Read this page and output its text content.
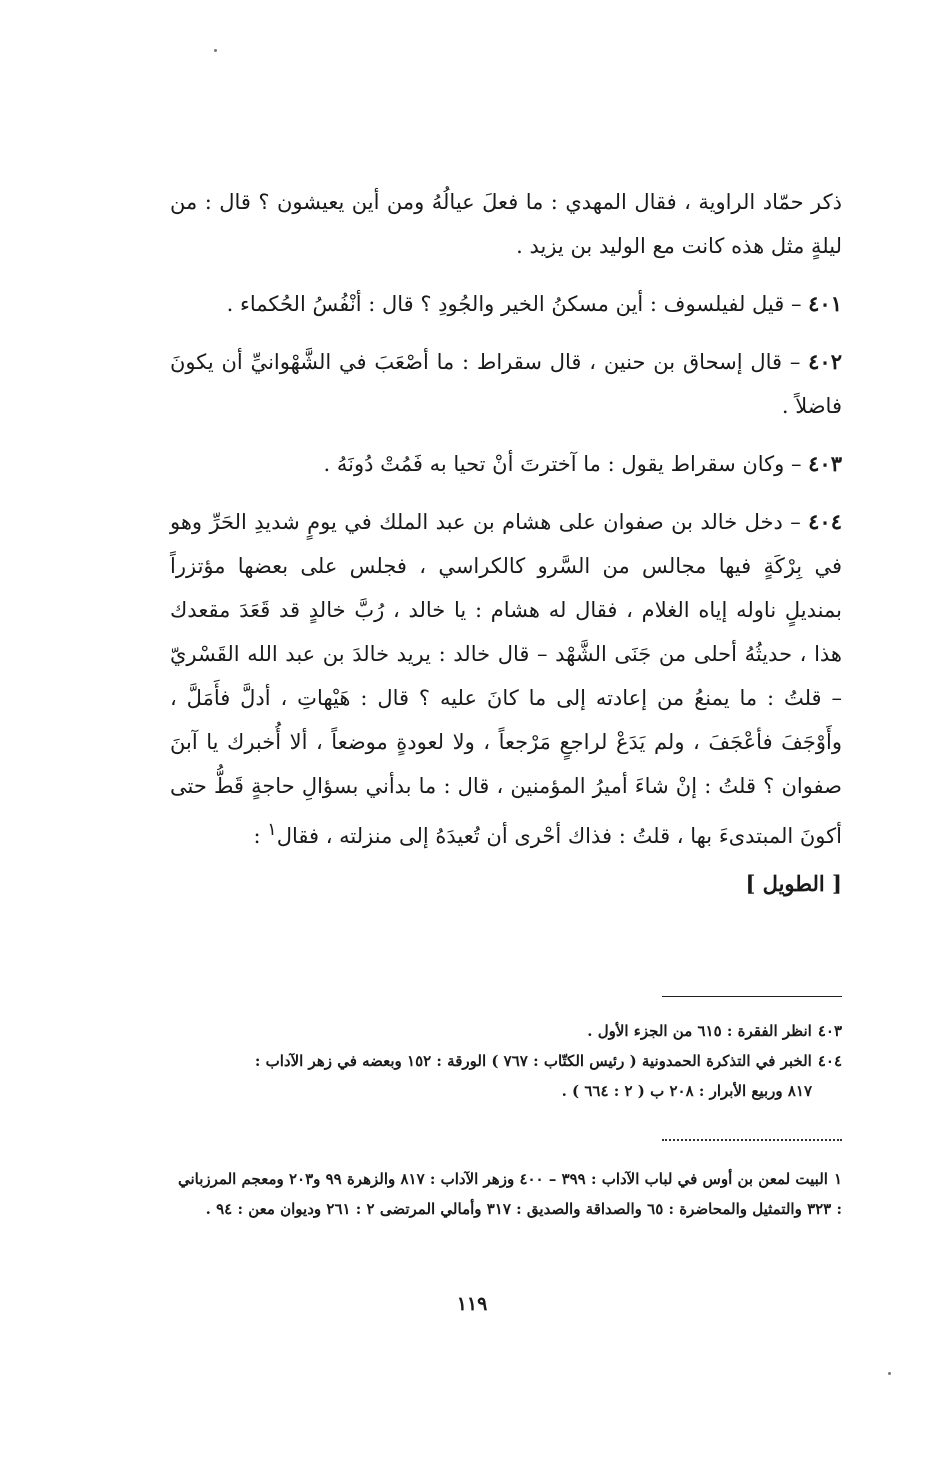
ذكر حمّاد الراوية ، فقال المهدي : ما فعلَ عيالُهُ ومن أين يعيشون ؟ قال : من ليلةٍ مثل هذه كانت مع الوليد بن يزيد .

٤٠١ – قيل لفيلسوف : أين مسكنُ الخير والجُودِ ؟ قال : أنْفُسُ الحُكماء .

٤٠٢ – قال إسحاق بن حنين ، قال سقراط : ما أصْعَبَ في الشَّهْوانيِّ أن يكونَ فاضلاً .

٤٠٣ – وكان سقراط يقول : ما آخترتَ أنْ تحيا به فَمُتْ دُونَهُ .

٤٠٤ – دخل خالد بن صفوان على هشام بن عبد الملك في يومٍ شديدِ الحَرِّ وهو في بِرْكَةٍ فيها مجالس من السَّرو كالكراسي ، فجلس على بعضها مؤتزراً بمنديلٍ ناوله إياه الغلام ، فقال له هشام : يا خالد ، رُبَّ خالدٍ قد قَعَدَ مقعدك هذا ، حديثُهُ أحلى من جَنَى الشَّهْد – قال خالد : يريد خالدَ بن عبد الله القَسْريّ – قلتُ : ما يمنعُ من إعادته إلى ما كانَ عليه ؟ قال : هَيْهاتِ ، أدلَّ فأَمَلَّ ، وأَوْجَفَ فأعْجَفَ ، ولم يَدَعْ لراجعٍ مَرْجعاً ، ولا لعودةٍ موضعاً ، ألا أُخبرك يا آبنَ صفوان ؟ قلتُ : إنْ شاءَ أميرُ المؤمنين ، قال : ما بدأني بسؤالِ حاجةٍ قَطُّ حتى أكونَ المبتدىءَ بها ، قلتُ : فذاك أحْرى أن تُعيدَهُ إلى منزلته ، فقال$^١$ :

[ الطويل ]

٤٠٣انظر الفقرة : ٦١٥ من الجزء الأول .

٤٠٤الخبر في التذكرة الحمدونية ( رئيس الكتّاب : ٧٦٧ ) الورقة : ١٥٢ وبعضه في زهر الآداب :

٨١٧ وربيع الأبرار : ٢٠٨ ب ( ٢ : ٦٦٤ ) .

١البيت لمعن بن أوس في لباب الآداب : ٣٩٩ – ٤٠٠ وزهر الآداب : ٨١٧ والزهرة ٩٩ و٢٠٣ ومعجم المرزباني : ٣٢٣ والتمثيل والمحاضرة : ٦٥ والصداقة والصديق : ٣١٧ وأمالي المرتضى ٢ : ٢٦١ وديوان معن : ٩٤ .

١١٩
